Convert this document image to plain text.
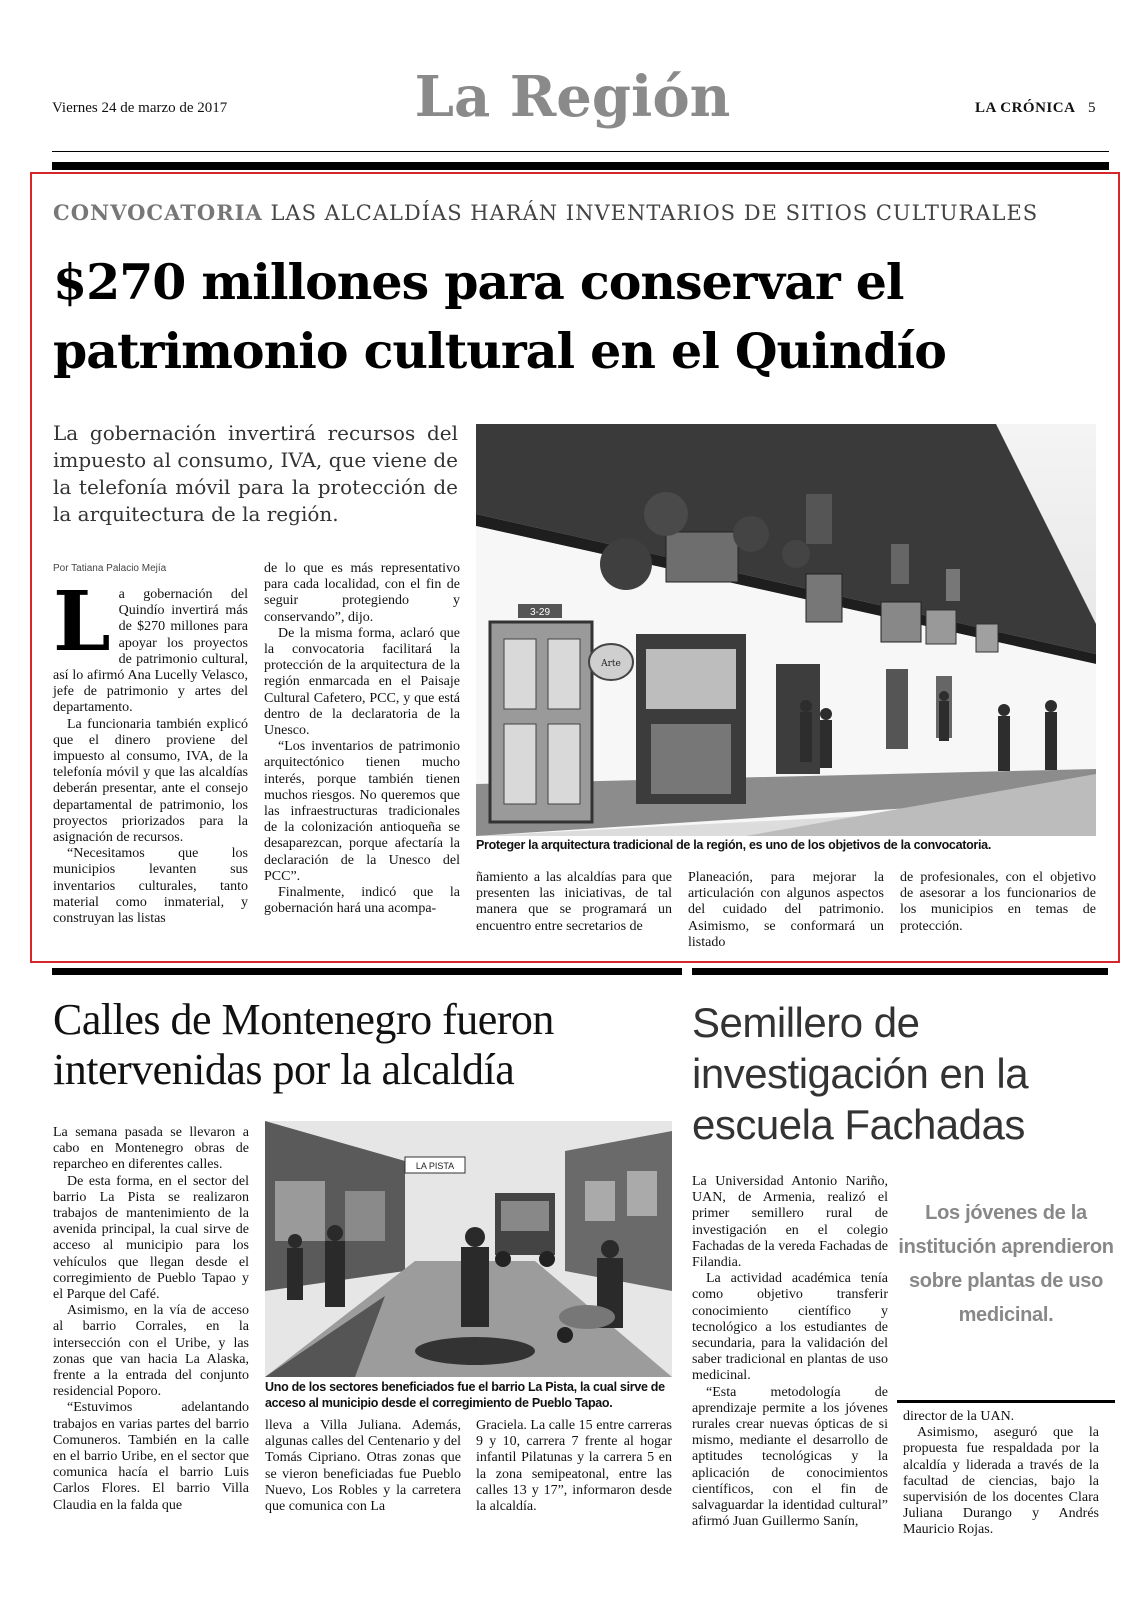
Viernes 24 de marzo de 2017	La Región	LA CRÓNICA 5
CONVOCATORIA LAS ALCALDÍAS HARÁN INVENTARIOS DE SITIOS CULTURALES
$270 millones para conservar el patrimonio cultural en el Quindío
La gobernación invertirá recursos del impuesto al consumo, IVA, que viene de la telefonía móvil para la protección de la arquitectura de la región.
Por Tatiana Palacio Mejía
L a gobernación del Quindío invertirá más de $270 millones para apoyar los proyectos de patrimonio cultural, así lo afirmó Ana Lucelly Velasco, jefe de patrimonio y artes del departamento.

La funcionaria también explicó que el dinero proviene del impuesto al consumo, IVA, de la telefonía móvil y que las alcaldías deberán presentar, ante el consejo departamental de patrimonio, los proyectos priorizados para la asignación de recursos.

“Necesitamos que los municipios levanten sus inventarios culturales, tanto material como inmaterial, y construyan las listas

de lo que es más representativo para cada localidad, con el fin de seguir protegiendo y conservando”, dijo.

De la misma forma, aclaró que la convocatoria facilitará la protección de la arquitectura de la región enmarcada en el Paisaje Cultural Cafetero, PCC, y que está dentro de la declaratoria de la Unesco.

“Los inventarios de patrimonio arquitectónico tienen mucho interés, porque también tienen muchos riesgos. No queremos que las infraestructuras tradicionales de la colonización antioqueña se desaparezcan, porque afectaría la declaración de la Unesco del PCC”.

Finalmente, indicó que la gobernación hará una acompa-

3-29
Arte
Proteger la arquitectura tradicional de la región, es uno de los objetivos de la convocatoria.

ñamiento a las alcaldías para que presenten las iniciativas, de tal manera que se programará un encuentro entre secretarios de

Planeación, para mejorar la articulación con algunos aspectos del cuidado del patrimonio. Asimismo, se conformará un listado

de profesionales, con el objetivo de asesorar a los funcionarios de los municipios en temas de protección.

Calles de Montenegro fueron intervenidas por la alcaldía

La semana pasada se llevaron a cabo en Montenegro obras de reparcheo en diferentes calles.

De esta forma, en el sector del barrio La Pista se realizaron trabajos de mantenimiento de la avenida principal, la cual sirve de acceso al municipio para los vehículos que llegan desde el corregimiento de Pueblo Tapao y el Parque del Café.

Asimismo, en la vía de acceso al barrio Corrales, en la intersección con el Uribe, y las zonas que van hacia La Alaska, frente a la entrada del conjunto residencial Poporo.

“Estuvimos adelantando trabajos en varias partes del barrio Comuneros. También en la calle en el barrio Uribe, en el sector que comunica hacía el barrio Luis Carlos Flores. El barrio Villa Claudia en la falda que

LA PISTA
Uno de los sectores beneficiados fue el barrio La Pista, la cual sirve de acceso al municipio desde el corregimiento de Pueblo Tapao.

lleva a Villa Juliana. Además, algunas calles del Centenario y del Tomás Cipriano. Otras zonas que se vieron beneficiadas fue Pueblo Nuevo, Los Robles y la carretera que comunica con La

Graciela. La calle 15 entre carreras 9 y 10, carrera 7 frente al hogar infantil Pilatunas y la carrera 5 en la zona semipeatonal, entre las calles 13 y 17”, informaron desde la alcaldía.

Semillero de investigación en la escuela Fachadas

La Universidad Antonio Nariño, UAN, de Armenia, realizó el primer semillero rural de investigación en el colegio Fachadas de la vereda Fachadas de Filandia.

La actividad académica tenía como objetivo transferir conocimiento científico y tecnológico a los estudiantes de secundaria, para la validación del saber tradicional en plantas de uso medicinal.

“Esta metodología de aprendizaje permite a los jóvenes rurales crear nuevas ópticas de si mismo, mediante el desarrollo de aptitudes tecnológicas y la aplicación de conocimientos científicos, con el fin de salvaguardar la identidad cultural” afirmó Juan Guillermo Sanín,

Los jóvenes de la institución aprendieron sobre plantas de uso medicinal.

director de la UAN.

Asimismo, aseguró que la propuesta fue respaldada por la alcaldía y liderada a través de la facultad de ciencias, bajo la supervisión de los docentes Clara Juliana Durango y Andrés Mauricio Rojas.
